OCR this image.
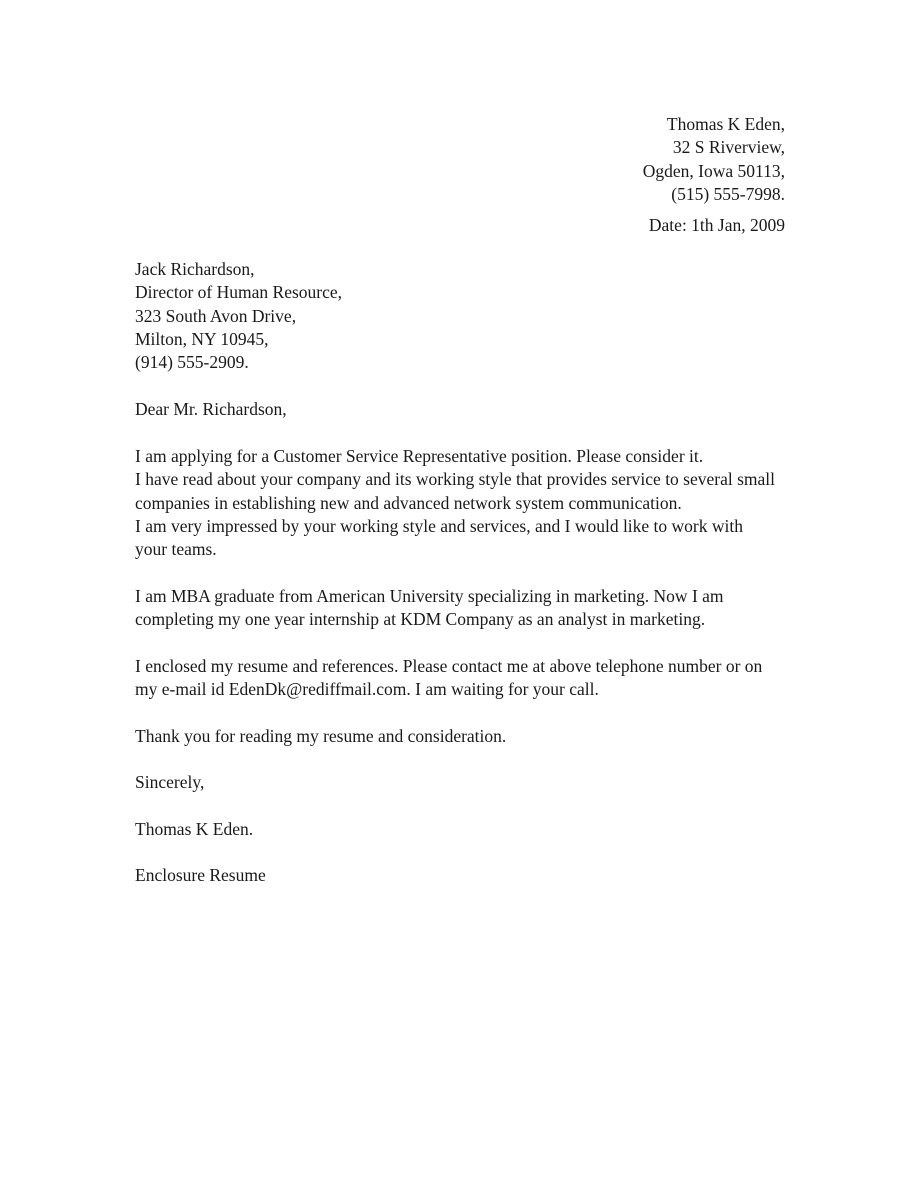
Thomas K Eden,
32 S Riverview,
Ogden, Iowa 50113,
(515) 555-7998.
Date: 1th Jan, 2009
Jack Richardson,
Director of Human Resource,
323 South Avon Drive,
Milton, NY 10945,
(914) 555-2909.
Dear Mr. Richardson,

I am applying for a Customer Service Representative position. Please consider it.
I have read about your company and its working style that provides service to several small
companies in establishing new and advanced network system communication.
I am very impressed by your working style and services, and I would like to work with
your teams.

I am MBA graduate from American University specializing in marketing. Now I am
completing my one year internship at KDM Company as an analyst in marketing.

I enclosed my resume and references. Please contact me at above telephone number or on
my e-mail id EdenDk@rediffmail.com. I am waiting for your call.

Thank you for reading my resume and consideration.

Sincerely,
Thomas K Eden.
Enclosure Resume
